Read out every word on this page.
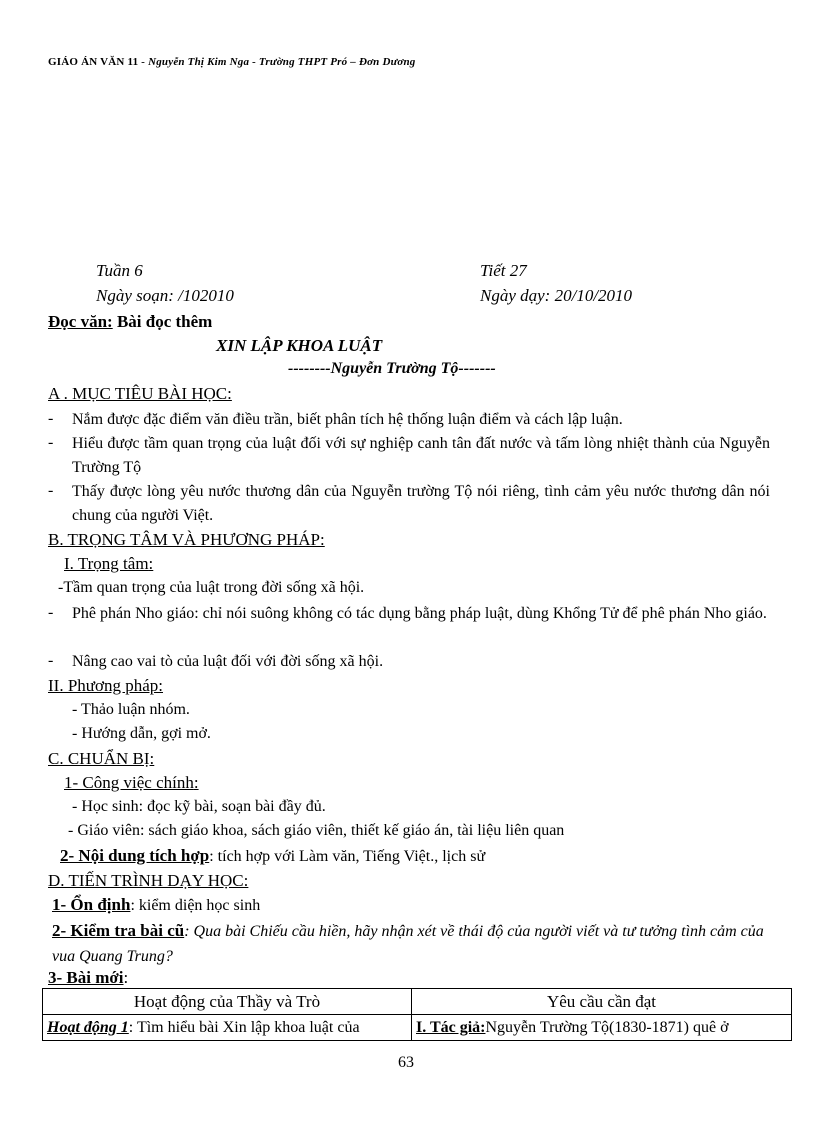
GIÁO ÁN VĂN 11 - Nguyễn Thị Kim Nga - Trường THPT Pró – Đơn Dương
Tuần 6	Tiết 27
Ngày soạn: /102010	Ngày dạy: 20/10/2010
Đọc văn: Bài đọc thêm
XIN LẬP KHOA LUẬT
--------Nguyễn Trường Tộ-------
A . MỤC TIÊU BÀI HỌC:
- Nắm được đặc điểm văn điều trần, biết phân tích hệ thống luận điểm và cách lập luận.
- Hiểu được tầm quan trọng của luật đối với sự nghiệp canh tân đất nước và tấm lòng nhiệt thành của Nguyễn Trường Tộ
- Thấy được lòng yêu nước thương dân của Nguyễn trường Tộ nói riêng, tình cảm yêu nước thương dân nói chung của người Việt.
B. TRỌNG TÂM VÀ PHƯƠNG PHÁP:
I. Trọng tâm:
-Tầm quan trọng của luật trong đời sống xã hội.
- Phê phán Nho giáo: chỉ nói suông không có tác dụng bằng pháp luật, dùng Khổng Tử để phê phán Nho giáo.
- Nâng cao vai tò của luật đối với đời sống xã hội.
II. Phương pháp:
- Thảo luận nhóm.
- Hướng dẫn, gợi mở.
C. CHUẨN BỊ:
1- Công việc chính:
- Học sinh: đọc kỹ bài, soạn bài đầy đủ.
- Giáo viên: sách giáo khoa, sách giáo viên, thiết kế giáo án, tài liệu liên quan
2- Nội dung tích hợp: tích hợp với Làm văn, Tiếng Việt., lịch sử
D. TIẾN TRÌNH DẠY HỌC:
1- Ổn định: kiểm diện học sinh
2- Kiểm tra bài cũ: Qua bài Chiếu cầu hiền, hãy nhận xét về thái độ của người viết và tư tưởng tình cảm của vua Quang Trung?
3- Bài mới:
Hoạt động của Thầy và Trò	Yêu cầu cần đạt
Hoạt động 1: Tìm hiểu bài Xin lập khoa luật của	I. Tác giả:Nguyễn Trường Tộ(1830-1871) quê ở
63
